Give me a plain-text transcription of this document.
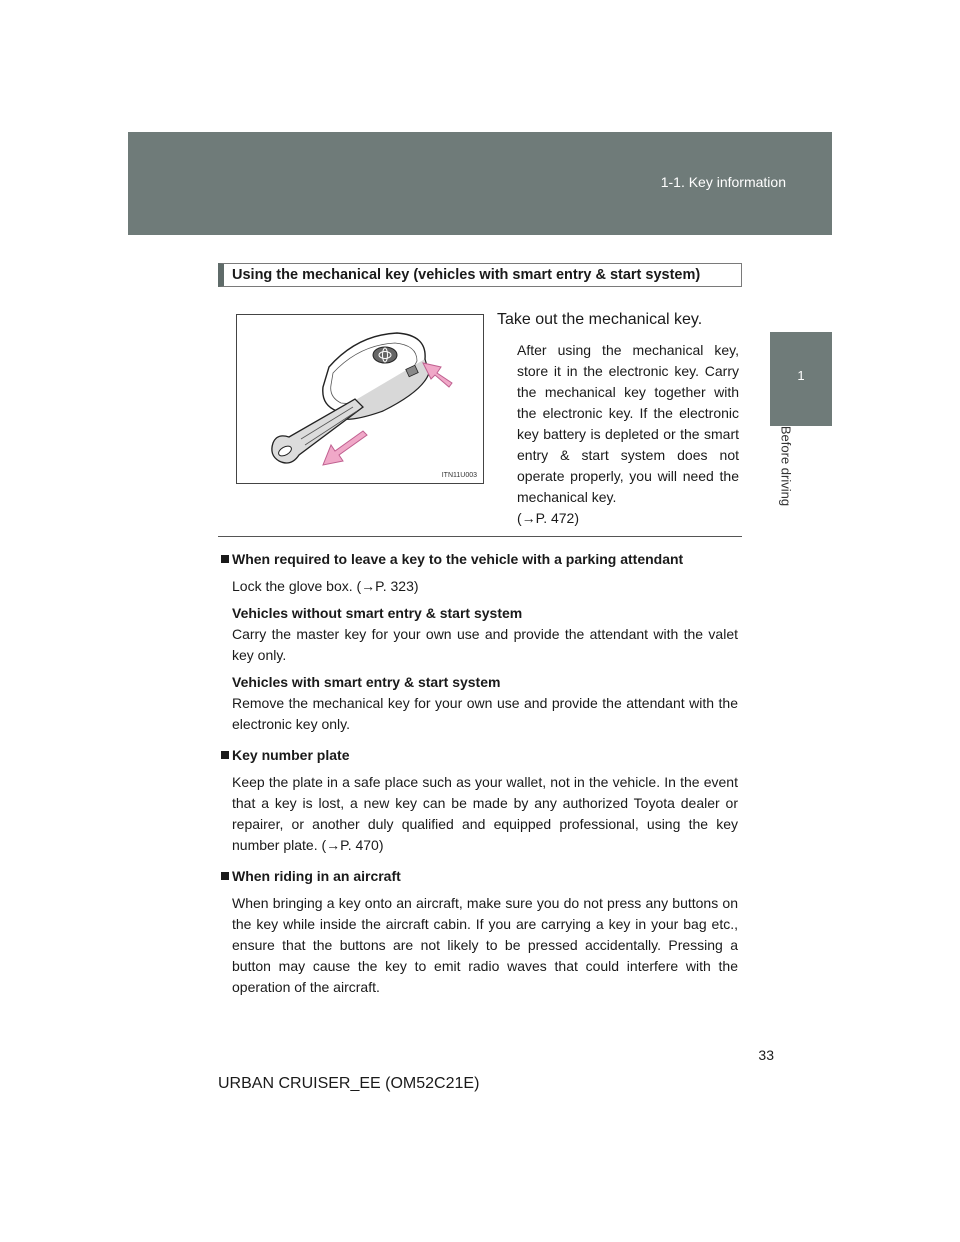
1-1. Key information
1
Before driving
Using the mechanical key (vehicles with smart entry & start system)
ITN11U003
Take out the mechanical key.
After using the mechanical key, store it in the electronic key. Carry the mechanical key together with the electronic key. If the electronic key battery is depleted or the smart entry & start system does not operate properly, you will need the mechanical key.
(→P. 472)
When required to leave a key to the vehicle with a parking attendant
Lock the glove box. (→P. 323)
Vehicles without smart entry & start system
Carry the master key for your own use and provide the attendant with the valet key only.
Vehicles with smart entry & start system
Remove the mechanical key for your own use and provide the attendant with the electronic key only.
Key number plate
Keep the plate in a safe place such as your wallet, not in the vehicle. In the event that a key is lost, a new key can be made by any authorized Toyota dealer or repairer, or another duly qualified and equipped professional, using the key number plate. (→P. 470)
When riding in an aircraft
When bringing a key onto an aircraft, make sure you do not press any buttons on the key while inside the aircraft cabin. If you are carrying a key in your bag etc., ensure that the buttons are not likely to be pressed accidentally. Pressing a button may cause the key to emit radio waves that could interfere with the operation of the aircraft.
33
URBAN CRUISER_EE (OM52C21E)
